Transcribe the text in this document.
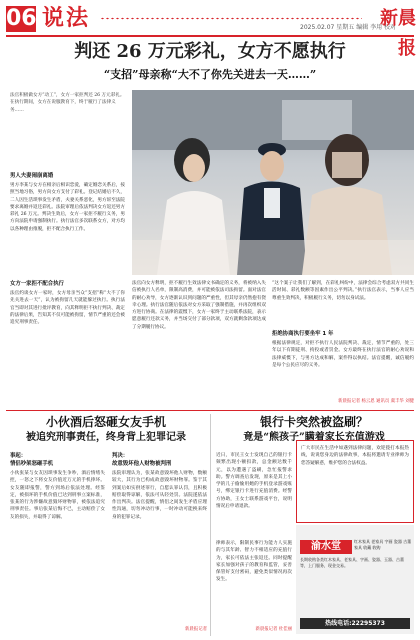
06 说法	2025.02.07 星期五 编辑 李用 校对
新晨报
判还 26 万元彩礼，女方不愿执行
“支招”母亲称“大不了你先关进去一天……”
法官积极做女方“动工”，女方一家拒判还 26 万元彩礼。在执行期间，女方在说服教育下，终于履行了法律义务……
男人夫妻闹崩离婚
男方李某与女方在相亲后相识恋爱，确定婚恋关系后，按照当地习俗，男方向女方支付了彩礼。登记结婚后不久，二人因生活琐事发生矛盾，夫妻关系恶化，男方诉至法院要求离婚并返还彩礼。法院审理后依法判决女方返还男方彩礼 26 万元。判决生效后，女方一家拒不履行义务，男方向法院申请强制执行。执行法官多次联系女方，对方均以各种理由推脱，拒不配合执行工作。
女方一家拒不配合执行
法官约谈女方一家时，女方母亲当众“支招”称“大不了你先关进去一天”，认为被拘留几天就能躲过执行。执行法官当即对其进行批评教育，向其释明拒不执行判决、裁定的法律后果，告知其不仅可能被拘留，情节严重的还会被追究刑事责任。
法官向女方释明，拒不履行生效法律文书确定的义务，将被纳入失信被执行人名单，限制高消费，并可能被依法司法拘留。面对法官的耐心劝导，女方逐渐认识到问题的严重性，但其母亲仍然抱有侥幸心理。执行法官随后依法对女方采取了强制措施，并再次组织双方进行协商。在法律的震慑下，女方一家终于主动联系法院，表示愿意履行还款义务，并当场交付了部分款项，双方就剩余款项达成了分期履行协议。
“这个案子让我们了解到，在彩礼纠纷中，法律会综合考虑双方共同生活时间、彩礼数额等因素作出公平判决。”执行法官表示，当事人应当尊重生效判决，积极履行义务，切勿以身试法。
拒绝协商执行要坐牢 1 年
根据法律规定，对拒不执行人民法院判决、裁定，情节严重的，处三年以下有期徒刑、拘役或者罚金。女方最终在执行法官的耐心劝说和法律威慑下，与男方达成和解，案件得以执结。法官提醒，诚信履约是每个公民应尽的义务。
新晨报记者 杨云恩 通讯员 虞丰华 刘健
小伙酒后怒砸女友手机
被追究刑事责任，终身背上犯罪记录
事起：
情侣吵架怒砸手机
小伙张某与女友因琐事发生争吵，酒后情绪失控，一怒之下将女友价值近万元的手机摔坏。女友随即报警，警方到场后依法处理。经鉴定，被损坏的手机价值已达到刑事立案标准，张某的行为涉嫌故意毁坏财物罪，被依法追究刑事责任。事后张某后悔不已，主动赔偿了女友的损失，并取得了谅解。
判决：
故意毁坏他人财物被判刑
法院审理认为，张某故意毁坏他人财物，数额较大，其行为已构成故意毁坏财物罪。鉴于其到案后如实供述罪行，自愿认罪认罚，且积极赔偿取得谅解，依法可从轻处罚。法院遂依法作出判决。法官提醒，情侣之间发生矛盾应理性沟通，切勿冲动行事，一时冲动可能换来终身的犯罪记录。
新晨报记者
银行卡突然被盗刷？
竟是“熊孩子”瞒着家长充值游戏
近日，市民王女士发现自己的银行卡频繁出现小额扣款，总金额达数千元，以为遭遇了盗刷，急忙报警求助。警方调查后发现，原来是其上小学的儿子偷偷用她的手机登录游戏账号，绑定银行卡进行充值消费。经警方协助，王女士联系游戏平台，说明情况后申请退款。
律师表示，限制民事行为能力人实施的与其年龄、智力不相适应的充值行为，家长可依法主张返还。同时提醒家长加强对孩子的教育和监管，妥善保管好支付密码，避免类似情况再次发生。
新晨报记者 杜佳丽
广大市民在生活中如遇到法律问题，欢迎拨打本报热线，说说您身边的法律故事，本报将邀请专业律师为您答疑解惑，维护您的合法权益。
渝水堂	红木家具 老家具 字画 瓷器 古董 家具 收藏 收购
长期收购各类红木家具、老家具、字画、瓷器、玉器、古董等，上门服务，现金交易。
热线电话:22295373
